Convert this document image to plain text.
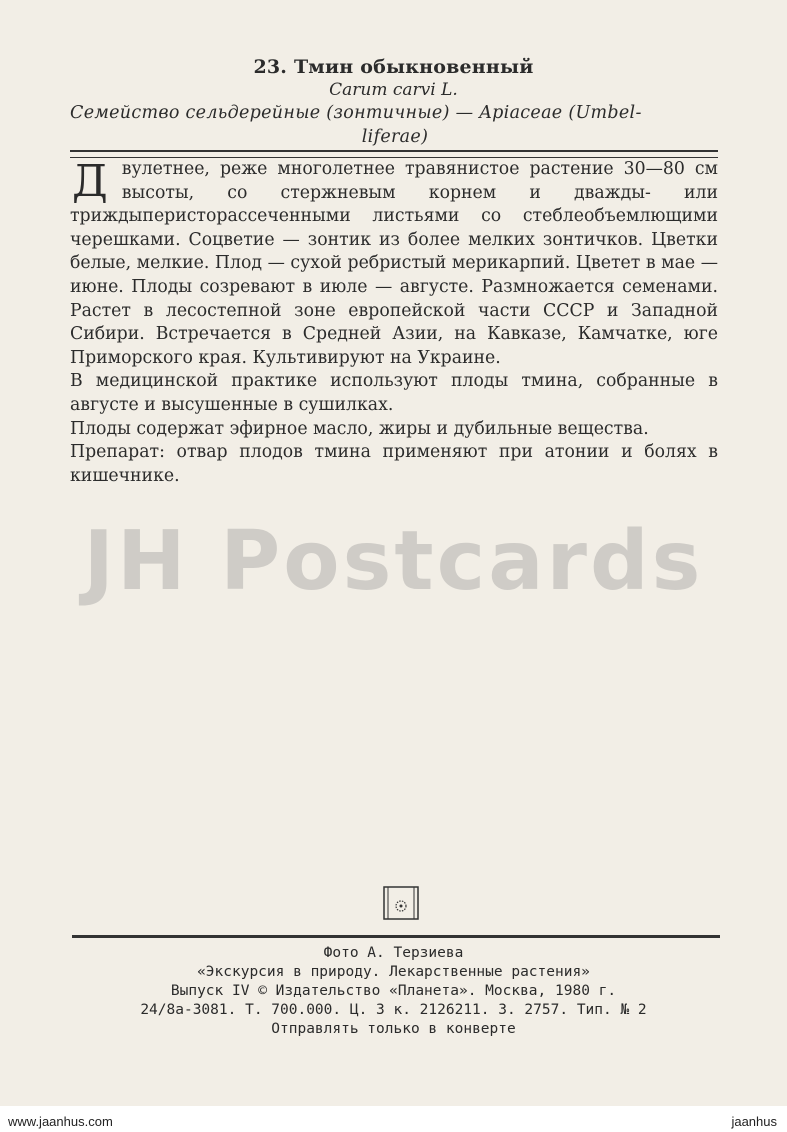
23. Тмин обыкновенный
Carum carvi L.
Семейство сельдерейные (зонтичные) — Apiaceae (Umbel-
liferae)

Двулетнее, реже многолетнее травянистое растение 30—80 см высоты, со стержневым корнем и дважды- или триждыперисторассеченными листьями со стеблеобъемлющими черешками. Соцветие — зонтик из более мелких зонтичков. Цветки белые, мелкие. Плод — сухой ребристый мерикарпий. Цветет в мае — июне. Плоды созревают в июле — августе. Размножается семенами. Растет в лесостепной зоне европейской части СССР и Западной Сибири. Встречается в Средней Азии, на Кавказе, Камчатке, юге Приморского края. Культивируют на Украине.

В медицинской практике используют плоды тмина, собранные в августе и высушенные в сушилках.

Плоды содержат эфирное масло, жиры и дубильные вещества.

Препарат: отвар плодов тмина применяют при атонии и болях в кишечнике.

JH Postcards
Фото А. Терзиева
«Экскурсия в природу. Лекарственные растения»
Выпуск IV © Издательство «Планета». Москва, 1980 г.
24/8а-3081. Т. 700.000. Ц. 3 к. 2126211. З. 2757. Тип. № 2
Отправлять только в конверте
www.jaanhus.com	jaanhus
